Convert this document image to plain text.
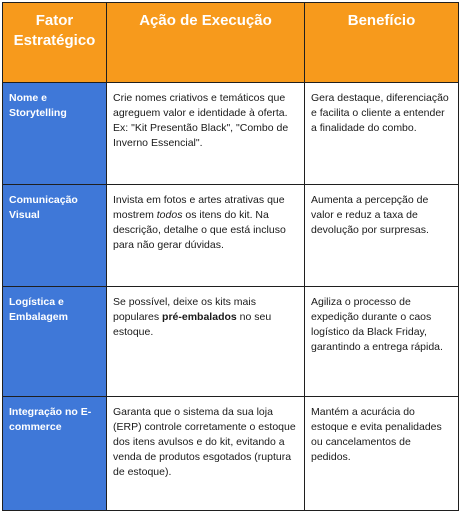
Fator Estratégico	Ação de Execução	Benefício
Nome e Storytelling	Crie nomes criativos e temáticos que agreguem valor e identidade à oferta. Ex: "Kit Presentão Black", "Combo de Inverno Essencial".	Gera destaque, diferenciação e facilita o cliente a entender a finalidade do combo.
Comunicação Visual	Invista em fotos e artes atrativas que mostrem todos os itens do kit. Na descrição, detalhe o que está incluso para não gerar dúvidas.	Aumenta a percepção de valor e reduz a taxa de devolução por surpresas.
Logística e Embalagem	Se possível, deixe os kits mais populares pré-embalados no seu estoque.	Agiliza o processo de expedição durante o caos logístico da Black Friday, garantindo a entrega rápida.
Integração no E-commerce	Garanta que o sistema da sua loja (ERP) controle corretamente o estoque dos itens avulsos e do kit, evitando a venda de produtos esgotados (ruptura de estoque).	Mantém a acurácia do estoque e evita penalidades ou cancelamentos de pedidos.
